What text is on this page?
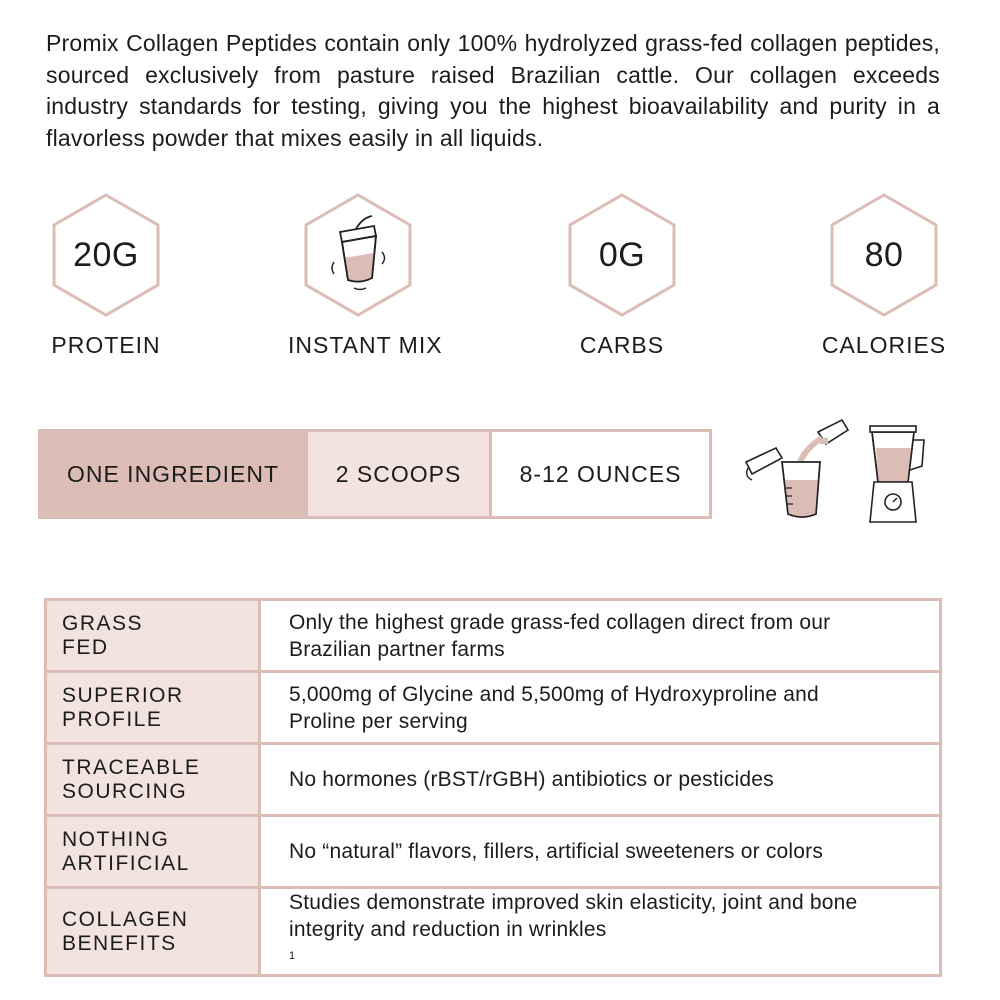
Promix Collagen Peptides contain only 100% hydrolyzed grass-fed collagen peptides, sourced exclusively from pasture raised Brazilian cattle. Our collagen exceeds industry standards for testing, giving you the highest bioavailability and purity in a flavorless powder that mixes easily in all liquids.

20G
PROTEIN	INSTANT MIX
0G
CARBS
80
CALORIES
ONE INGREDIENT	2 SCOOPS	8-12 OUNCES
GRASS
FED	Only the highest grade grass-fed collagen direct from our
Brazilian partner farms

SUPERIOR
PROFILE	5,000mg of Glycine and 5,500mg of Hydroxyproline and
Proline per serving

TRACEABLE
SOURCING	No hormones (rBST/rGBH) antibiotics or pesticides

NOTHING
ARTIFICIAL	No “natural” flavors, fillers, artificial sweeteners or colors

COLLAGEN
BENEFITS	Studies demonstrate improved skin elasticity, joint and bone
integrity and reduction in wrinkles
$^1$
